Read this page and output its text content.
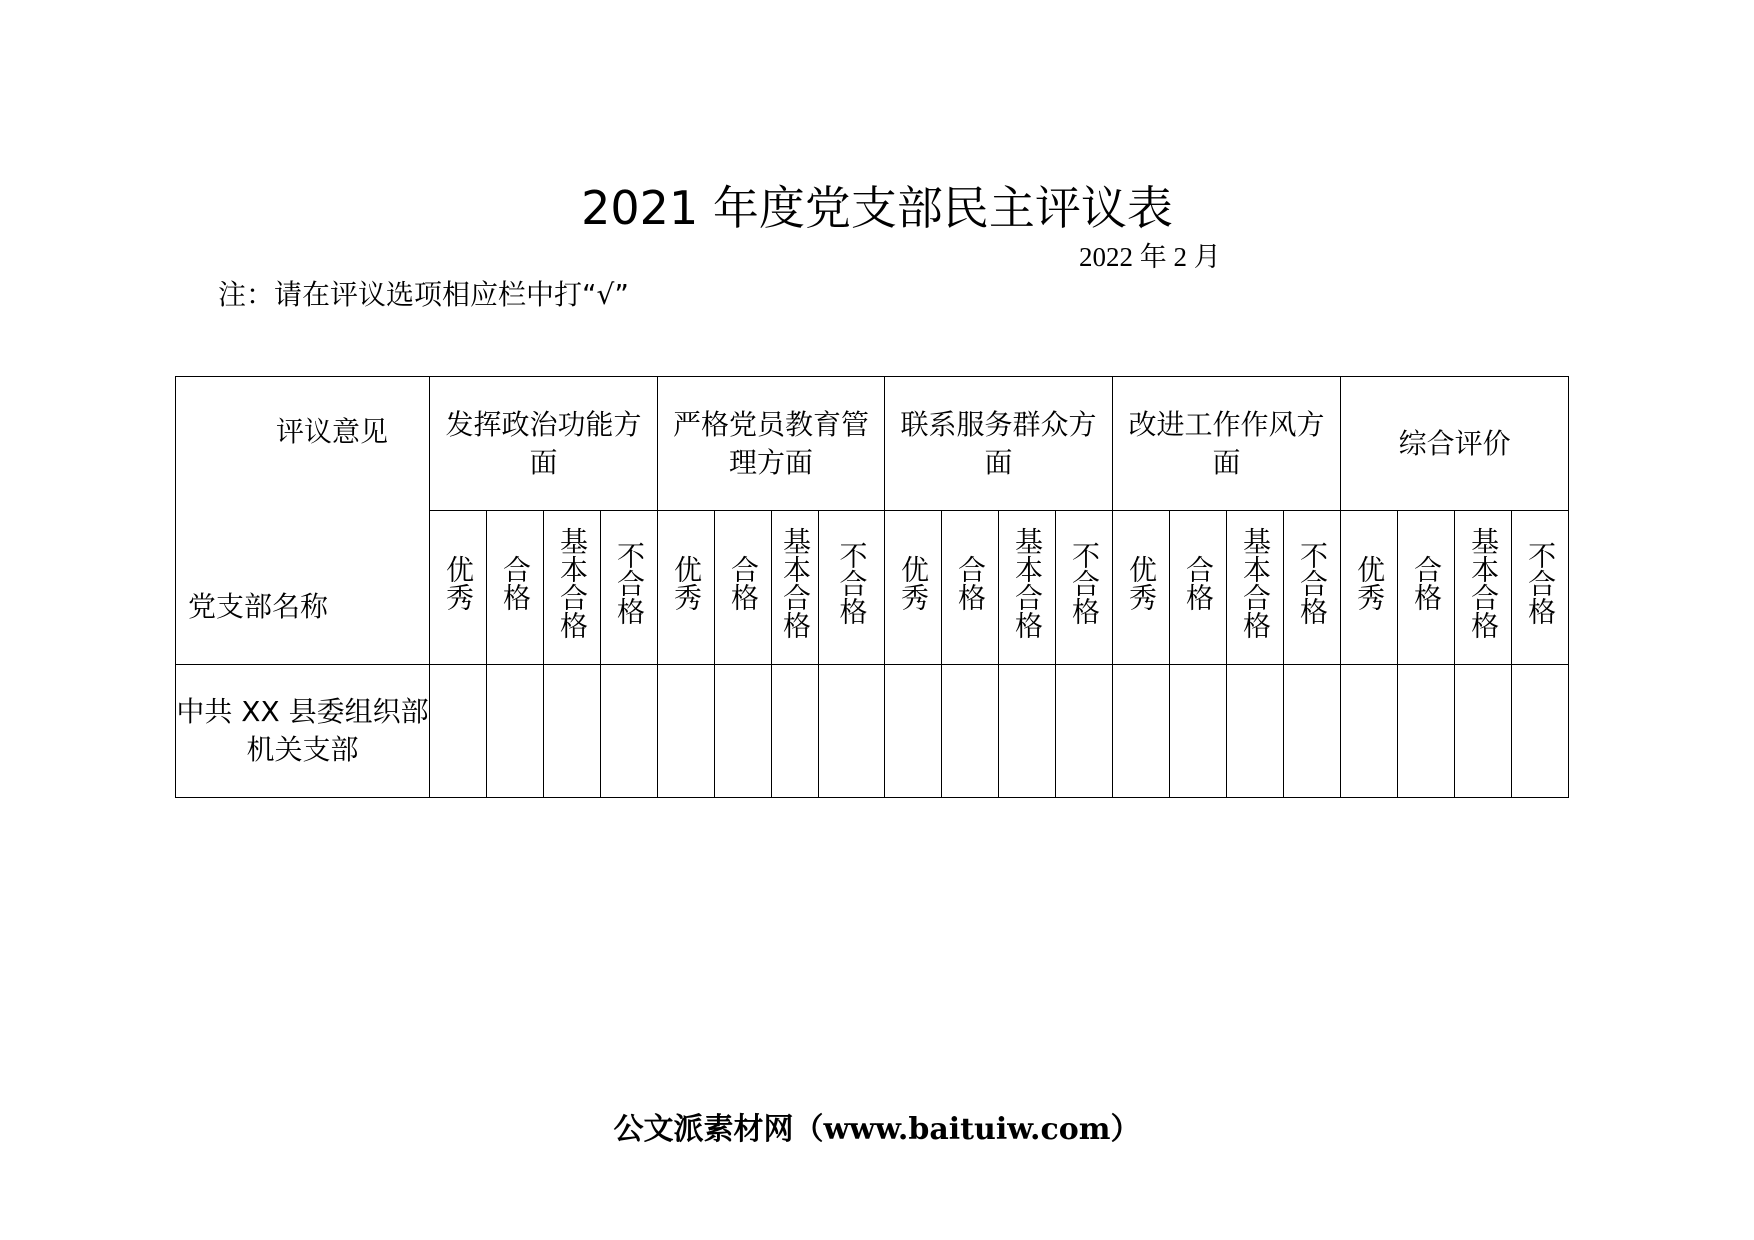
2021 年度党支部民主评议表
2022 年 2 月
注：请在评议选项相应栏中打“√”
评议意见
党支部名称	发挥政治功能方面				严格党员教育管理方面				联系服务群众方面				改进工作作风方面				综合评价			

	优秀	合格	基本合格	不合格	优秀	合格	基本合格	不合格	优秀	合格	基本合格	不合格	优秀	合格	基本合格	不合格	优秀	合格	基本合格	不合格
中共 XX 县委组织部机关支部																				
公文派素材网（www.baituiw.com）
